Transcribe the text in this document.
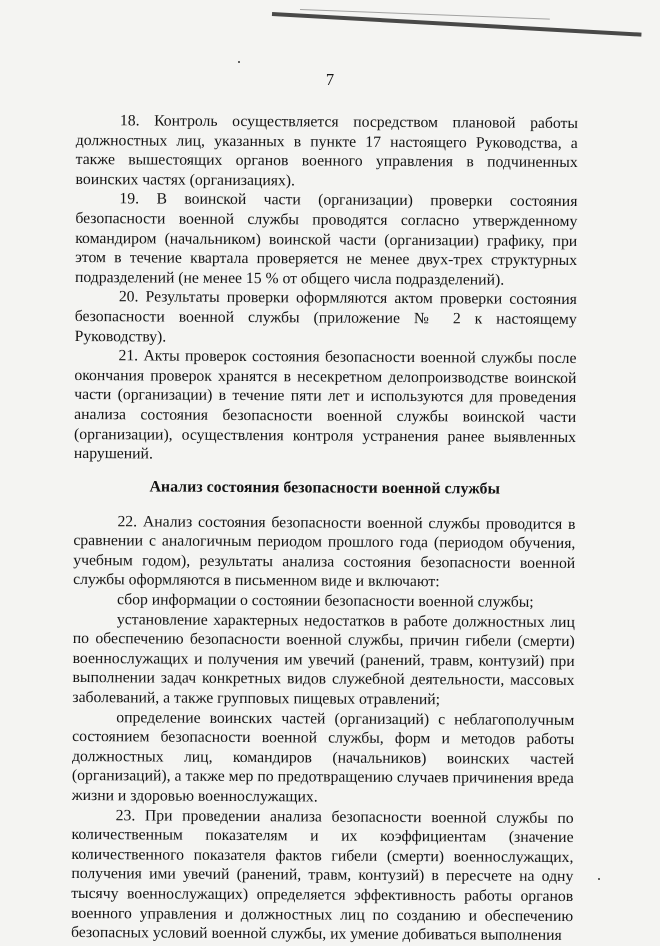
7

18. Контроль осуществляется посредством плановой работы должностных лиц, указанных в пункте 17 настоящего Руководства, а также вышестоящих органов военного управления в подчиненных воинских частях (организациях).

19. В воинской части (организации) проверки состояния безопасности военной службы проводятся согласно утвержденному командиром (начальником) воинской части (организации) графику, при этом в течение квартала проверяется не менее двух-трех структурных подразделений (не менее 15 % от общего числа подразделений).

20. Результаты проверки оформляются актом проверки состояния безопасности военной службы (приложение № 2 к настоящему Руководству).

21. Акты проверок состояния безопасности военной службы после окончания проверок хранятся в несекретном делопроизводстве воинской части (организации) в течение пяти лет и используются для проведения анализа состояния безопасности военной службы воинской части (организации), осуществления контроля устранения ранее выявленных нарушений.

Анализ состояния безопасности военной службы

22. Анализ состояния безопасности военной службы проводится в сравнении с аналогичным периодом прошлого года (периодом обучения, учебным годом), результаты анализа состояния безопасности военной службы оформляются в письменном виде и включают:

сбор информации о состоянии безопасности военной службы;

установление характерных недостатков в работе должностных лиц по обеспечению безопасности военной службы, причин гибели (смерти) военнослужащих и получения им увечий (ранений, травм, контузий) при выполнении задач конкретных видов служебной деятельности, массовых заболеваний, а также групповых пищевых отравлений;

определение воинских частей (организаций) с неблагополучным состоянием безопасности военной службы, форм и методов работы должностных лиц, командиров (начальников) воинских частей (организаций), а также мер по предотвращению случаев причинения вреда жизни и здоровью военнослужащих.

23. При проведении анализа безопасности военной службы по количественным показателям и их коэффициентам (значение количественного показателя фактов гибели (смерти) военнослужащих, получения ими увечий (ранений, травм, контузий) в пересчете на одну тысячу военнослужащих) определяется эффективность работы органов военного управления и должностных лиц по созданию и обеспечению безопасных условий военной службы, их умение добиваться выполнения
